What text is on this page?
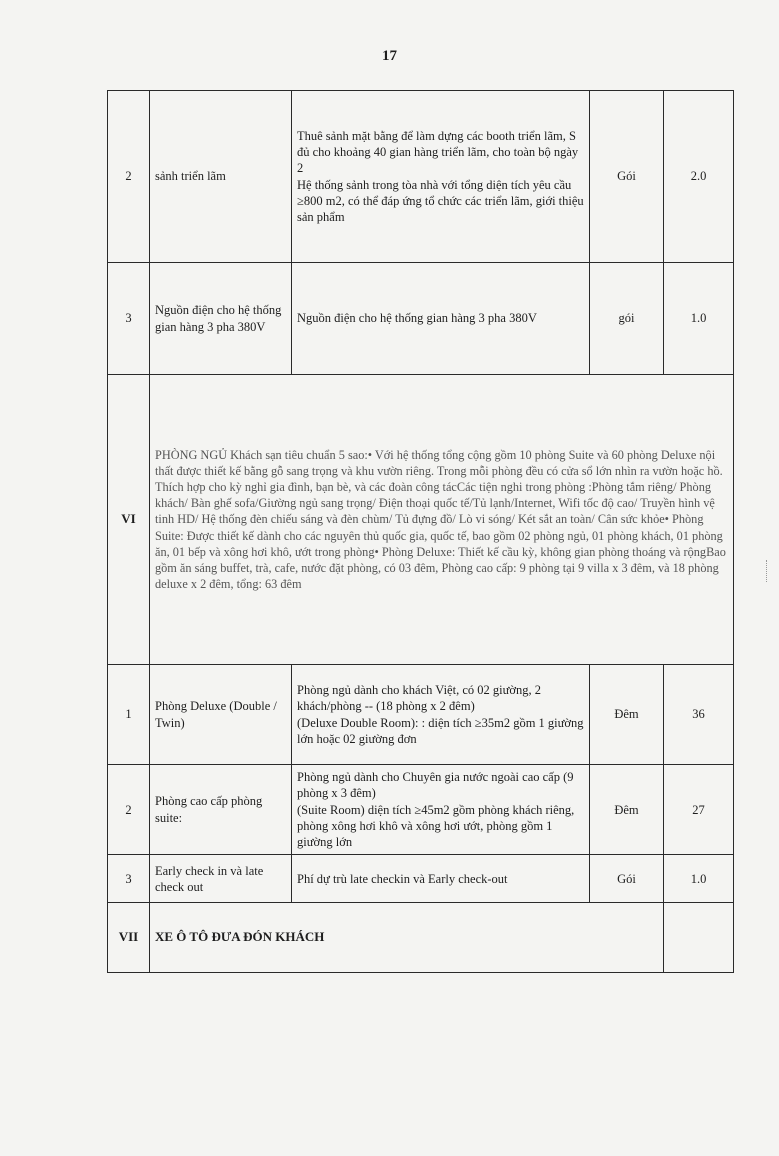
17
2	sảnh triển lãm	Thuê sảnh mặt bằng để làm dựng các booth triển lãm, S đủ cho khoảng 40 gian hàng triển lãm, cho toàn bộ ngày 2
Hệ thống sảnh trong tòa nhà với tổng diện tích yêu cầu
≥800 m2, có thể đáp ứng tổ chức các triển lãm, giới thiệu sản phẩm	Gói	2.0
3	Nguồn điện cho hệ thống gian hàng 3 pha 380V	Nguồn điện cho hệ thống gian hàng 3 pha 380V	gói	1.0
VI	PHÒNG NGỦ Khách sạn tiêu chuẩn 5 sao:• Với hệ thống tổng cộng gồm 10 phòng Suite và 60 phòng Deluxe nội thất được thiết kế bằng gỗ sang trọng và khu vườn riêng. Trong mỗi phòng đều có cửa sổ lớn nhìn ra vườn hoặc hồ. Thích hợp cho kỳ nghỉ gia đình, bạn bè, và các đoàn công tácCác tiện nghi trong phòng :Phòng tắm riêng/ Phòng khách/ Bàn ghế sofa/Giường ngủ sang trọng/ Điện thoại quốc tế/Tủ lạnh/Internet, Wifi tốc độ cao/ Truyền hình vệ tinh HD/ Hệ thống đèn chiếu sáng và đèn chùm/ Tủ đựng đồ/ Lò vi sóng/ Két sắt an toàn/ Cân sức khỏe• Phòng Suite: Được thiết kế dành cho các nguyên thủ quốc gia, quốc tế, bao gồm 02 phòng ngủ, 01 phòng khách, 01 phòng ăn, 01 bếp và xông hơi khô, ướt trong phòng• Phòng Deluxe: Thiết kế cầu kỳ, không gian phòng thoáng và rộngBao gồm ăn sáng buffet, trà, cafe, nước đặt phòng, có 03 đêm, Phòng cao cấp: 9 phòng tại 9 villa x 3 đêm, và 18 phòng deluxe x 2 đêm, tổng: 63 đêm			
1	Phòng Deluxe (Double / Twin)	Phòng ngủ dành cho khách Việt, có 02 giường, 2 khách/phòng -- (18 phòng x 2 đêm)
(Deluxe Double Room): : diện tích ≥35m2 gồm 1 giường lớn hoặc 02 giường đơn	Đêm	36
2	Phòng cao cấp phòng suite:	Phòng ngủ dành cho Chuyên gia nước ngoài cao cấp (9 phòng x 3 đêm)
(Suite Room) diện tích ≥45m2 gồm phòng khách riêng, phòng xông hơi khô và xông hơi ướt, phòng gồm 1 giường lớn	Đêm	27
3	Early check in và late check out	Phí dự trù late checkin và Early check-out	Gói	1.0
VII	XE Ô TÔ ĐƯA ĐÓN KHÁCH			
